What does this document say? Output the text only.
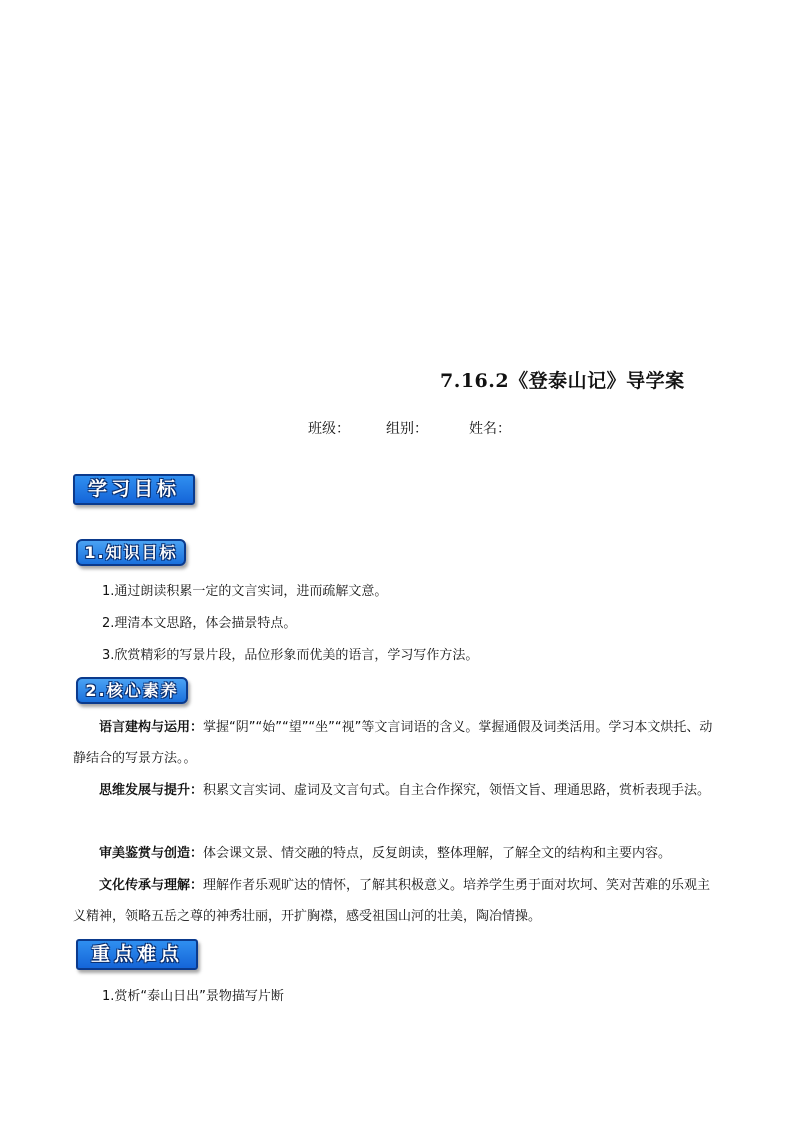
7.16.2《登泰山记》导学案
班级：	组别：	姓名：
学习目标
1.知识目标
1.通过朗读积累一定的文言实词，进而疏解文意。
2.理清本文思路，体会描景特点。
3.欣赏精彩的写景片段，品位形象而优美的语言，学习写作方法。
2.核心素养
语言建构与运用：掌握“阴”“始”“望”“坐”“视”等文言词语的含义。掌握通假及词类活用。学习本文烘托、动静结合的写景方法。。
思维发展与提升：积累文言实词、虚词及文言句式。自主合作探究，领悟文旨、理通思路，赏析表现手法。
审美鉴赏与创造：体会课文景、情交融的特点，反复朗读，整体理解，了解全文的结构和主要内容。
文化传承与理解：理解作者乐观旷达的情怀，了解其积极意义。培养学生勇于面对坎坷、笑对苦难的乐观主义精神，领略五岳之尊的神秀壮丽，开扩胸襟，感受祖国山河的壮美，陶冶情操。
重点难点
1.赏析“泰山日出”景物描写片断
